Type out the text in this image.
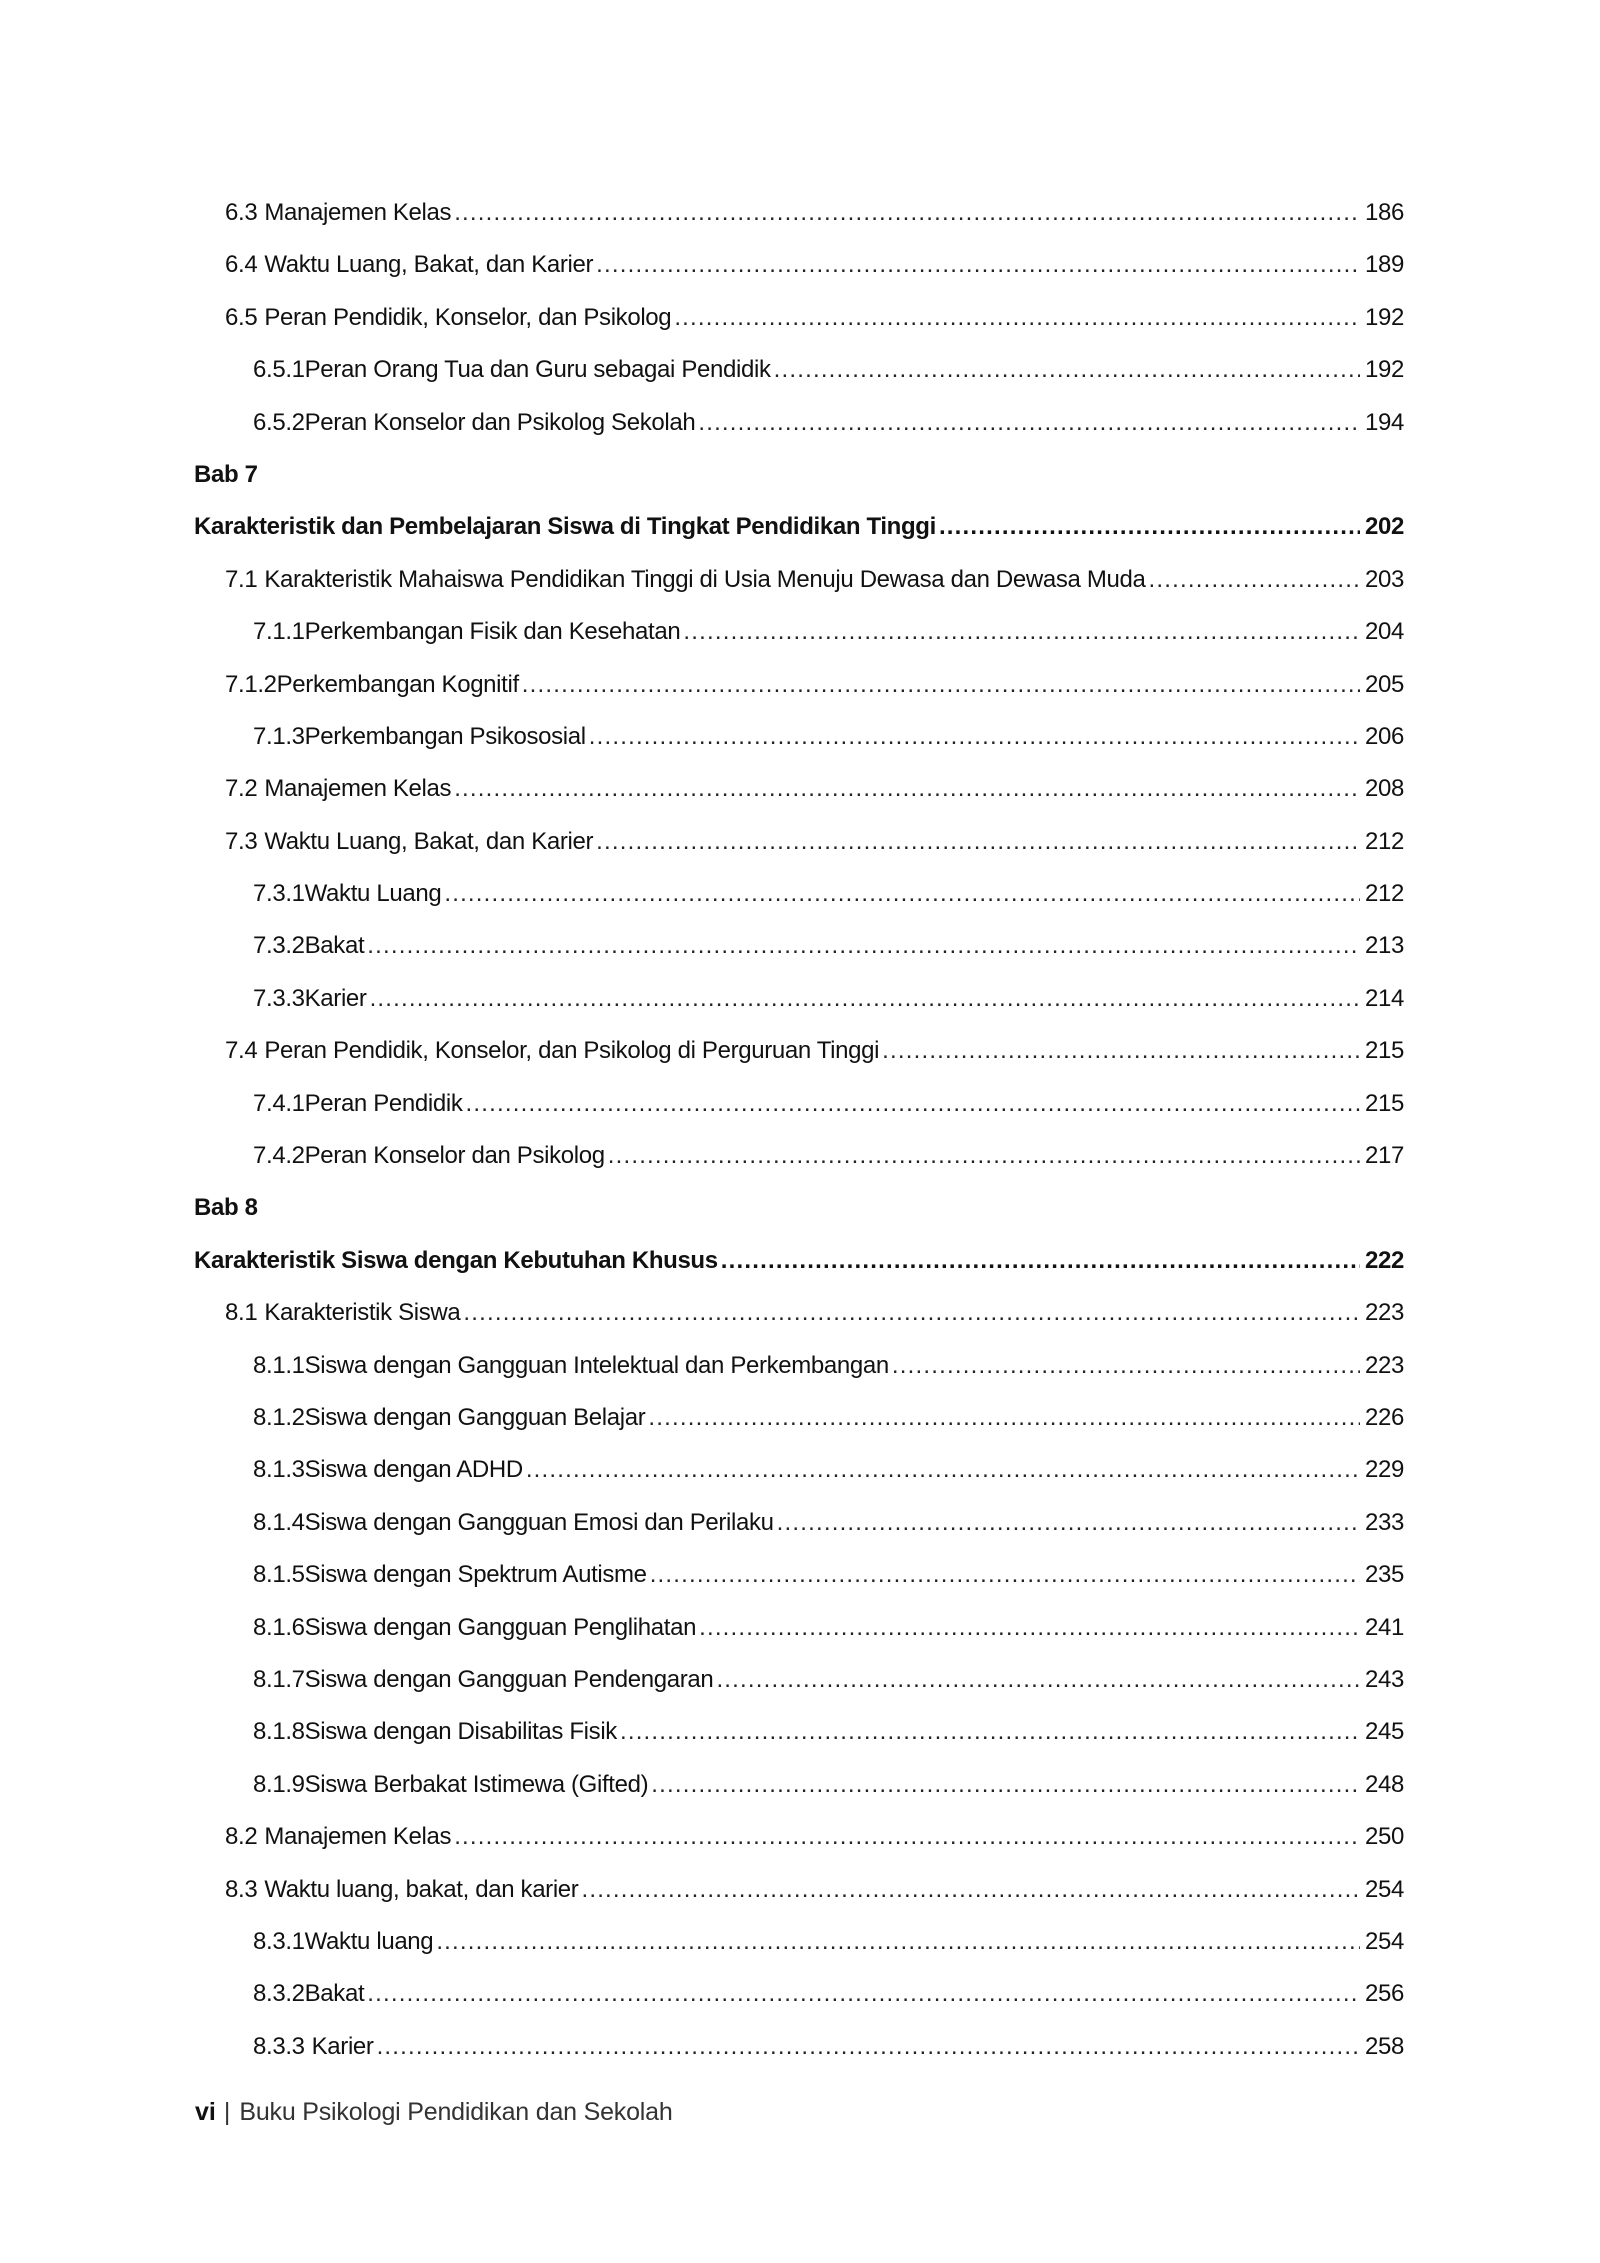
6.3 Manajemen Kelas .....	186
6.4 Waktu Luang, Bakat, dan Karier .....	189
6.5 Peran Pendidik, Konselor, dan Psikolog .....	192
6.5.1 Peran Orang Tua dan Guru sebagai Pendidik .....	192
6.5.2 Peran Konselor dan Psikolog Sekolah .....	194
Bab 7
Karakteristik dan Pembelajaran Siswa di Tingkat Pendidikan Tinggi .....	202
7.1 Karakteristik Mahaiswa Pendidikan Tinggi di Usia Menuju Dewasa dan Dewasa Muda .....	203
7.1.1 Perkembangan Fisik dan Kesehatan .....	204
7.1.2 Perkembangan Kognitif .....	205
7.1.3 Perkembangan Psikososial .....	206
7.2 Manajemen Kelas .....	208
7.3 Waktu Luang, Bakat, dan Karier .....	212
7.3.1 Waktu Luang .....	212
7.3.2 Bakat .....	213
7.3.3 Karier .....	214
7.4 Peran Pendidik, Konselor, dan Psikolog di Perguruan Tinggi .....	215
7.4.1 Peran Pendidik .....	215
7.4.2 Peran Konselor dan Psikolog .....	217
Bab 8
Karakteristik Siswa dengan Kebutuhan Khusus .....	222
8.1 Karakteristik Siswa .....	223
8.1.1 Siswa dengan Gangguan Intelektual dan Perkembangan .....	223
8.1.2 Siswa dengan Gangguan Belajar .....	226
8.1.3 Siswa dengan ADHD .....	229
8.1.4 Siswa dengan Gangguan Emosi dan Perilaku .....	233
8.1.5 Siswa dengan Spektrum Autisme .....	235
8.1.6 Siswa dengan Gangguan Penglihatan .....	241
8.1.7 Siswa dengan Gangguan Pendengaran .....	243
8.1.8 Siswa dengan Disabilitas Fisik .....	245
8.1.9 Siswa Berbakat Istimewa (Gifted) .....	248
8.2 Manajemen Kelas .....	250
8.3 Waktu luang, bakat, dan karier .....	254
8.3.1 Waktu luang .....	254
8.3.2 Bakat .....	256
8.3.3 Karier .....	258
vi | Buku Psikologi Pendidikan dan Sekolah
